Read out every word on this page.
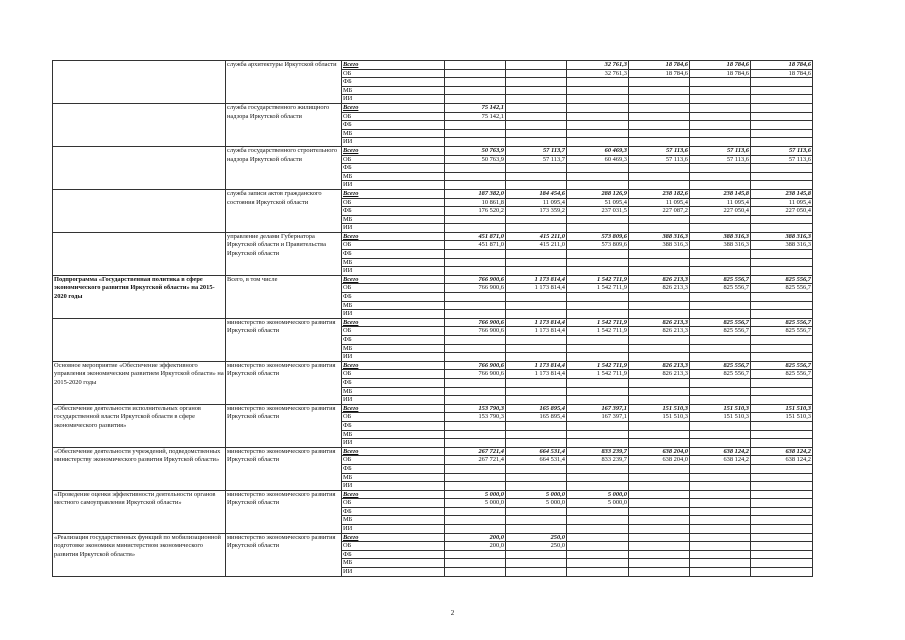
	служба архитектуры Иркутской области	Всего			32 761,3	18 784,6	18 784,6	18 784,6
		ОБ			32 761,3	18 784,6	18 784,6	18 784,6
		ФБ						
		МБ						
		ИИ						
	служба государственного жилищного надзора Иркутской области	Всего	75 142,1					
		ОБ	75 142,1					
		ФБ						
		МБ						
		ИИ						
	служба государственного строительного надзора Иркутской области	Всего	50 763,9	57 113,7	60 469,3	57 113,6	57 113,6	57 113,6
		ОБ	50 763,9	57 113,7	60 469,3	57 113,6	57 113,6	57 113,6
		ФБ						
		МБ						
		ИИ						
	служба записи актов гражданского состояния Иркутской области	Всего	187 382,0	184 454,6	288 126,9	238 182,6	238 145,8	238 145,8
		ОБ	10 861,8	11 095,4	51 095,4	11 095,4	11 095,4	11 095,4
		ФБ	176 520,2	173 359,2	237 031,5	227 087,2	227 050,4	227 050,4
		МБ						
		ИИ						
	управление делами Губернатора Иркутской области и Правительства Иркутской области	Всего	451 871,0	415 211,0	573 809,6	388 316,3	388 316,3	388 316,3
		ОБ	451 871,0	415 211,0	573 809,6	388 316,3	388 316,3	388 316,3
		ФБ						
		МБ						
		ИИ						
Подпрограмма «Государственная политика в сфере экономического развития Иркутской области» на 2015-2020 годы	Всего, в том числе	Всего	766 900,6	1 173 814,4	1 542 711,9	826 213,3	825 556,7	825 556,7
		ОБ	766 900,6	1 173 814,4	1 542 711,9	826 213,3	825 556,7	825 556,7
		ФБ						
		МБ						
		ИИ						
	министерство экономического развития Иркутской области	Всего	766 900,6	1 173 814,4	1 542 711,9	826 213,3	825 556,7	825 556,7
		ОБ	766 900,6	1 173 814,4	1 542 711,9	826 213,3	825 556,7	825 556,7
		ФБ						
		МБ						
		ИИ						
Основное мероприятие «Обеспечение эффективного управления экономическим развитием Иркутской области» на 2015-2020 годы	министерство экономического развития Иркутской области	Всего	766 900,6	1 173 814,4	1 542 711,9	826 213,3	825 556,7	825 556,7
		ОБ	766 900,6	1 173 814,4	1 542 711,9	826 213,3	825 556,7	825 556,7
		ФБ						
		МБ						
		ИИ						
«Обеспечение деятельности исполнительных органов государственной власти Иркутской области в сфере экономического развития»	министерство экономического развития Иркутской области	Всего	153 790,3	165 895,4	167 397,1	151 510,3	151 510,3	151 510,3
		ОБ	153 790,3	165 895,4	167 397,1	151 510,3	151 510,3	151 510,3
		ФБ						
		МБ						
		ИИ						
«Обеспечение деятельности учреждений, подведомственных министерству экономического развития Иркутской области»	министерство экономического развития Иркутской области	Всего	267 721,4	664 531,4	833 239,7	638 204,0	638 124,2	638 124,2
		ОБ	267 721,4	664 531,4	833 239,7	638 204,0	638 124,2	638 124,2
		ФБ						
		МБ						
		ИИ						
«Проведение оценки эффективности деятельности органов местного самоуправления Иркутской области»	министерство экономического развития Иркутской области	Всего	5 000,0	5 000,0	5 000,0			
		ОБ	5 000,0	5 000,0	5 000,0			
		ФБ						
		МБ						
		ИИ						
«Реализация государственных функций по мобилизационной подготовке экономики министерством экономического развития Иркутской области»	министерство экономического развития Иркутской области	Всего	200,0	250,0				
		ОБ	200,0	250,0				
		ФБ						
		МБ						
		ИИ						
2
